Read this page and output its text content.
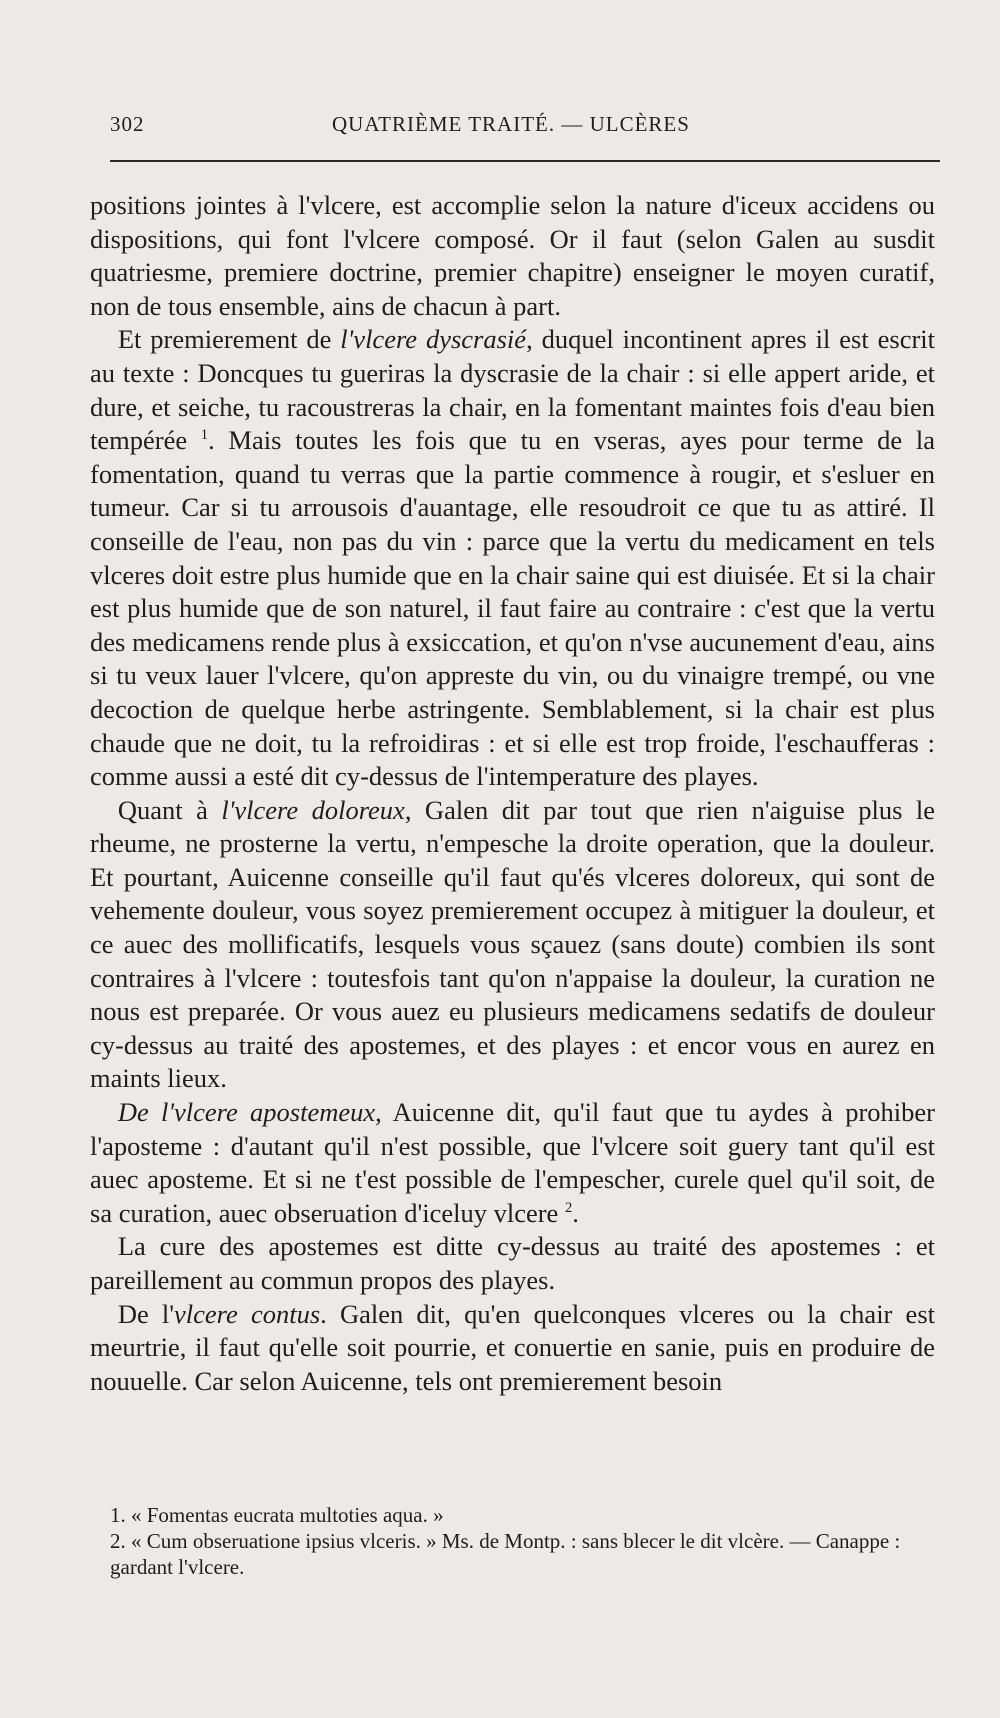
302	QUATRIÈME TRAITÉ. — ULCÈRES

positions jointes à l'vlcere, est accomplie selon la nature d'iceux accidens ou dispositions, qui font l'vlcere composé. Or il faut (selon Galen au susdit quatriesme, premiere doctrine, premier chapitre) enseigner le moyen curatif, non de tous ensemble, ains de chacun à part.

Et premierement de l'vlcere dyscrasié, duquel incontinent apres il est escrit au texte : Doncques tu gueriras la dyscrasie de la chair : si elle appert aride, et dure, et seiche, tu racoustreras la chair, en la fomentant maintes fois d'eau bien tempérée $^1$. Mais toutes les fois que tu en vseras, ayes pour terme de la fomentation, quand tu verras que la partie commence à rougir, et s'esluer en tumeur. Car si tu arrousois d'auantage, elle resoudroit ce que tu as attiré. Il conseille de l'eau, non pas du vin : parce que la vertu du medicament en tels vlceres doit estre plus humide que en la chair saine qui est diuisée. Et si la chair est plus humide que de son naturel, il faut faire au contraire : c'est que la vertu des medicamens rende plus à exsiccation, et qu'on n'vse aucunement d'eau, ains si tu veux lauer l'vlcere, qu'on appreste du vin, ou du vinaigre trempé, ou vne decoction de quelque herbe astringente. Semblablement, si la chair est plus chaude que ne doit, tu la refroidiras : et si elle est trop froide, l'eschaufferas : comme aussi a esté dit cy-dessus de l'intemperature des playes.

Quant à l'vlcere doloreux, Galen dit par tout que rien n'aiguise plus le rheume, ne prosterne la vertu, n'empesche la droite operation, que la douleur. Et pourtant, Auicenne conseille qu'il faut qu'és vlceres doloreux, qui sont de vehemente douleur, vous soyez premierement occupez à mitiguer la douleur, et ce auec des mollificatifs, lesquels vous sçauez (sans doute) combien ils sont contraires à l'vlcere : toutesfois tant qu'on n'appaise la douleur, la curation ne nous est preparée. Or vous auez eu plusieurs medicamens sedatifs de douleur cy-dessus au traité des apostemes, et des playes : et encor vous en aurez en maints lieux.

De l'vlcere apostemeux, Auicenne dit, qu'il faut que tu aydes à prohiber l'aposteme : d'autant qu'il n'est possible, que l'vlcere soit guery tant qu'il est auec aposteme. Et si ne t'est possible de l'empescher, curele quel qu'il soit, de sa curation, auec obseruation d'iceluy vlcere $^2$.

La cure des apostemes est ditte cy-dessus au traité des apostemes : et pareillement au commun propos des playes.

De l'vlcere contus. Galen dit, qu'en quelconques vlceres ou la chair est meurtrie, il faut qu'elle soit pourrie, et conuertie en sanie, puis en produire de nouuelle. Car selon Auicenne, tels ont premierement besoin

1. « Fomentas eucrata multoties aqua. »

2. « Cum obseruatione ipsius vlceris. » Ms. de Montp. : sans blecer le dit vlcère. — Canappe : gardant l'vlcere.
